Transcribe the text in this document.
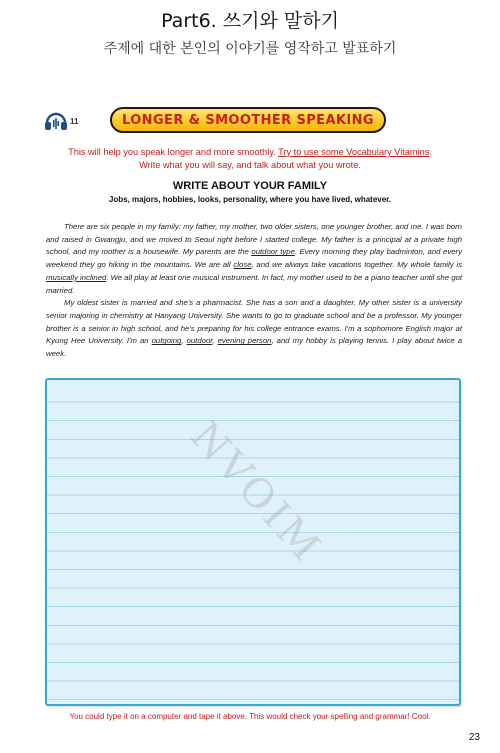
Part6. 쓰기와 말하기
주제에 대한 본인의 이야기를 영작하고 발표하기
11	LONGER & SMOOTHER SPEAKING
This will help you speak longer and more smoothly. Try to use some Vocabulary Vitamins.
Write what you will say, and talk about what you wrote.
WRITE ABOUT YOUR FAMILY
Jobs, majors, hobbies, looks, personality, where you have lived, whatever.

There are six people in my family: my father, my mother, two older sisters, one younger brother, and me. I was born and raised in Gwangju, and we moved to Seoul right before I started college. My father is a principal at a private high school, and my mother is a housewife. My parents are the outdoor type. Every morning they play badminton, and every weekend they go hiking in the mountains. We are all close, and we always take vacations together. My whole family is musically inclined. We all play at least one musical instrument. In fact, my mother used to be a piano teacher until she got married.

My oldest sister is married and she's a pharmacist. She has a son and a daughter. My other sister is a university senior majoring in chemistry at Hanyang University. She wants to go to graduate school and be a professor. My younger brother is a senior in high school, and he's preparing for his college entrance exams. I'm a sophomore English major at Kyung Hee University. I'm an outgoing, outdoor, evening person, and my hobby is playing tennis. I play about twice a week.

NVOIM
You could type it on a computer and tape it above. This would check your spelling and grammar! Cool.
23
